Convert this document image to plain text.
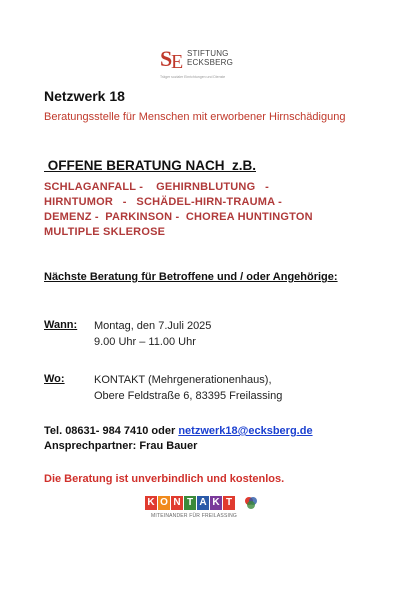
S
E STIFTUNG
ECKSBERG
Träger sozialer Einrichtungen und Dienste
Netzwerk 18
Beratungsstelle für Menschen mit erworbener Hirnschädigung
OFFENE BERATUNG NACH  z.B.
SCHLAGANFALL -    GEHIRNBLUTUNG   -
HIRNTUMOR   -   SCHÄDEL-HIRN-TRAUMA -
DEMENZ -  PARKINSON -  CHOREA HUNTINGTON
MULTIPLE SKLEROSE
Nächste Beratung für Betroffene und / oder Angehörige:
Wann: Montag, den 7.Juli 2025
9.00 Uhr – 11.00 Uhr
Wo:	KONTAKT (Mehrgenerationenhaus),
Obere Feldstraße 6, 83395 Freilassing
Tel. 08631- 984 7410 oder netzwerk18@ecksberg.de
Ansprechpartner: Frau Bauer
Die Beratung ist unverbindlich und kostenlos.
K O N T A K T
MITEINANDER FÜR FREILASSING
